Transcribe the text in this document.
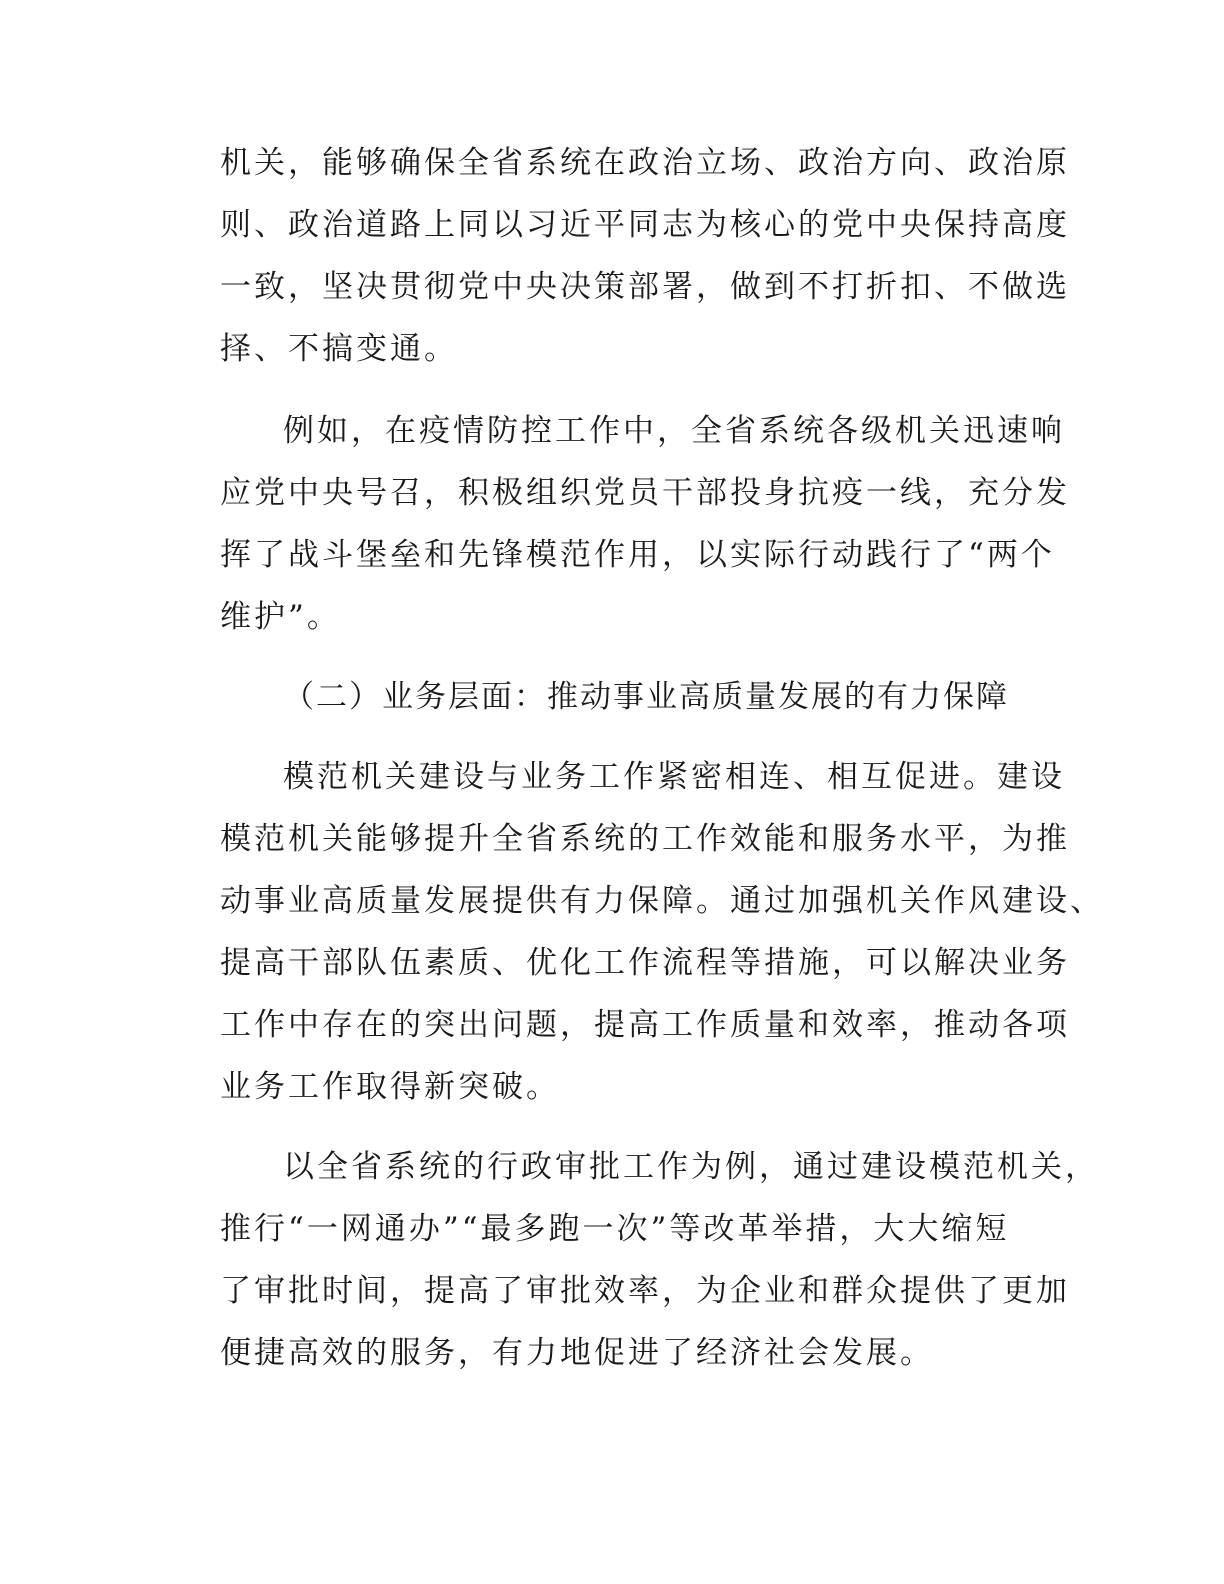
机关，能够确保全省系统在政治立场、政治方向、政治原

则、政治道路上同以习近平同志为核心的党中央保持高度

一致，坚决贯彻党中央决策部署，做到不打折扣、不做选

择、不搞变通。

例如，在疫情防控工作中，全省系统各级机关迅速响

应党中央号召，积极组织党员干部投身抗疫一线，充分发

挥了战斗堡垒和先锋模范作用，以实际行动践行了“两个

维护”。

（二）业务层面：推动事业高质量发展的有力保障

模范机关建设与业务工作紧密相连、相互促进。建设

模范机关能够提升全省系统的工作效能和服务水平，为推

动事业高质量发展提供有力保障。通过加强机关作风建设、

提高干部队伍素质、优化工作流程等措施，可以解决业务

工作中存在的突出问题，提高工作质量和效率，推动各项

业务工作取得新突破。

以全省系统的行政审批工作为例，通过建设模范机关，

推行“一网通办”“最多跑一次”等改革举措，大大缩短

了审批时间，提高了审批效率，为企业和群众提供了更加

便捷高效的服务，有力地促进了经济社会发展。
